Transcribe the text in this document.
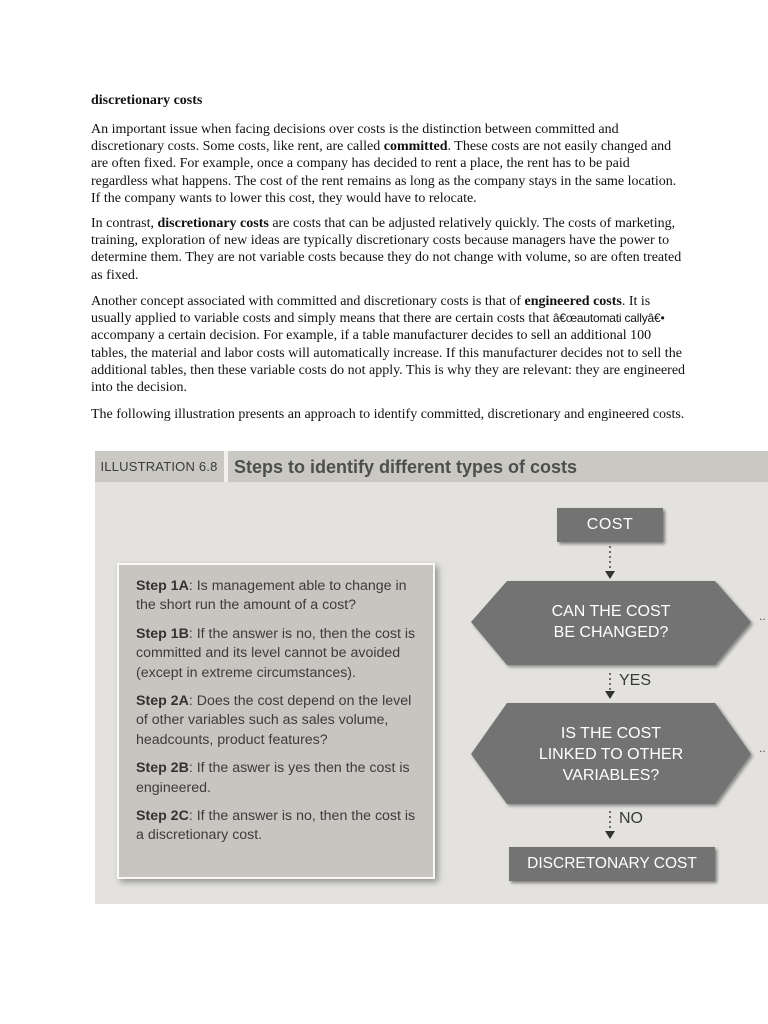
discretionary costs

An important issue when facing decisions over costs is the distinction between committed and discretionary costs. Some costs, like rent, are called committed. These costs are not easily changed and are often fixed. For example, once a company has decided to rent a place, the rent has to be paid regardless what happens. The cost of the rent remains as long as the company stays in the same location. If the company wants to lower this cost, they would have to relocate.

In contrast, discretionary costs are costs that can be adjusted relatively quickly. The costs of marketing, training, exploration of new ideas are typically discretionary costs because managers have the power to determine them. They are not variable costs because they do not change with volume, so are often treated as fixed.

Another concept associated with committed and discretionary costs is that of engineered costs. It is usually applied to variable costs and simply means that there are certain costs that â€œautomati callyâ€• accompany a certain decision. For example, if a table manufacturer decides to sell an additional 100 tables, the material and labor costs will automatically increase. If this manufacturer decides not to sell the additional tables, then these variable costs do not apply. This is why they are relevant: they are engineered into the decision.

The following illustration presents an approach to identify committed, discretionary and engineered costs.

ILLUSTRATION 6.8 Steps to identify different types of costs

Step 1A: Is management able to change in the short run the amount of a cost?

Step 1B: If the answer is no, then the cost is committed and its level cannot be avoided (except in extreme circumstances).

Step 2A: Does the cost depend on the level of other variables such as sales volume, headcounts, product features?

Step 2B: If the aswer is yes then the cost is engineered.

Step 2C: If the answer is no, then the cost is a discretionary cost.

COST
CAN THE COST
BE CHANGED?
YES
IS THE COST
LINKED TO OTHER
VARIABLES?
NO
DISCRETONARY COST
..
..
